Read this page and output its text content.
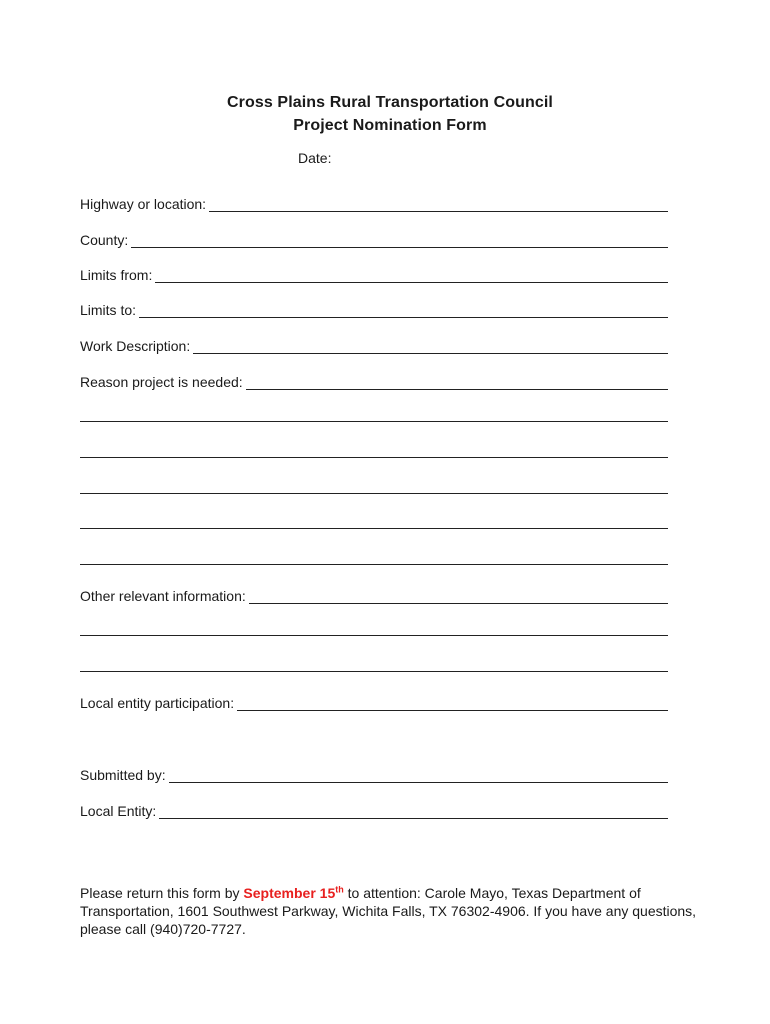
Cross Plains Rural Transportation Council
Project Nomination Form
Date:
Highway or location:
County:
Limits from:
Limits to:
Work Description:
Reason project is needed:
Other relevant information:
Local entity participation:
Submitted by:
Local Entity:
Please return this form by September 15th to attention: Carole Mayo, Texas Department of Transportation, 1601 Southwest Parkway, Wichita Falls, TX 76302-4906. If you have any questions, please call (940)720-7727.
